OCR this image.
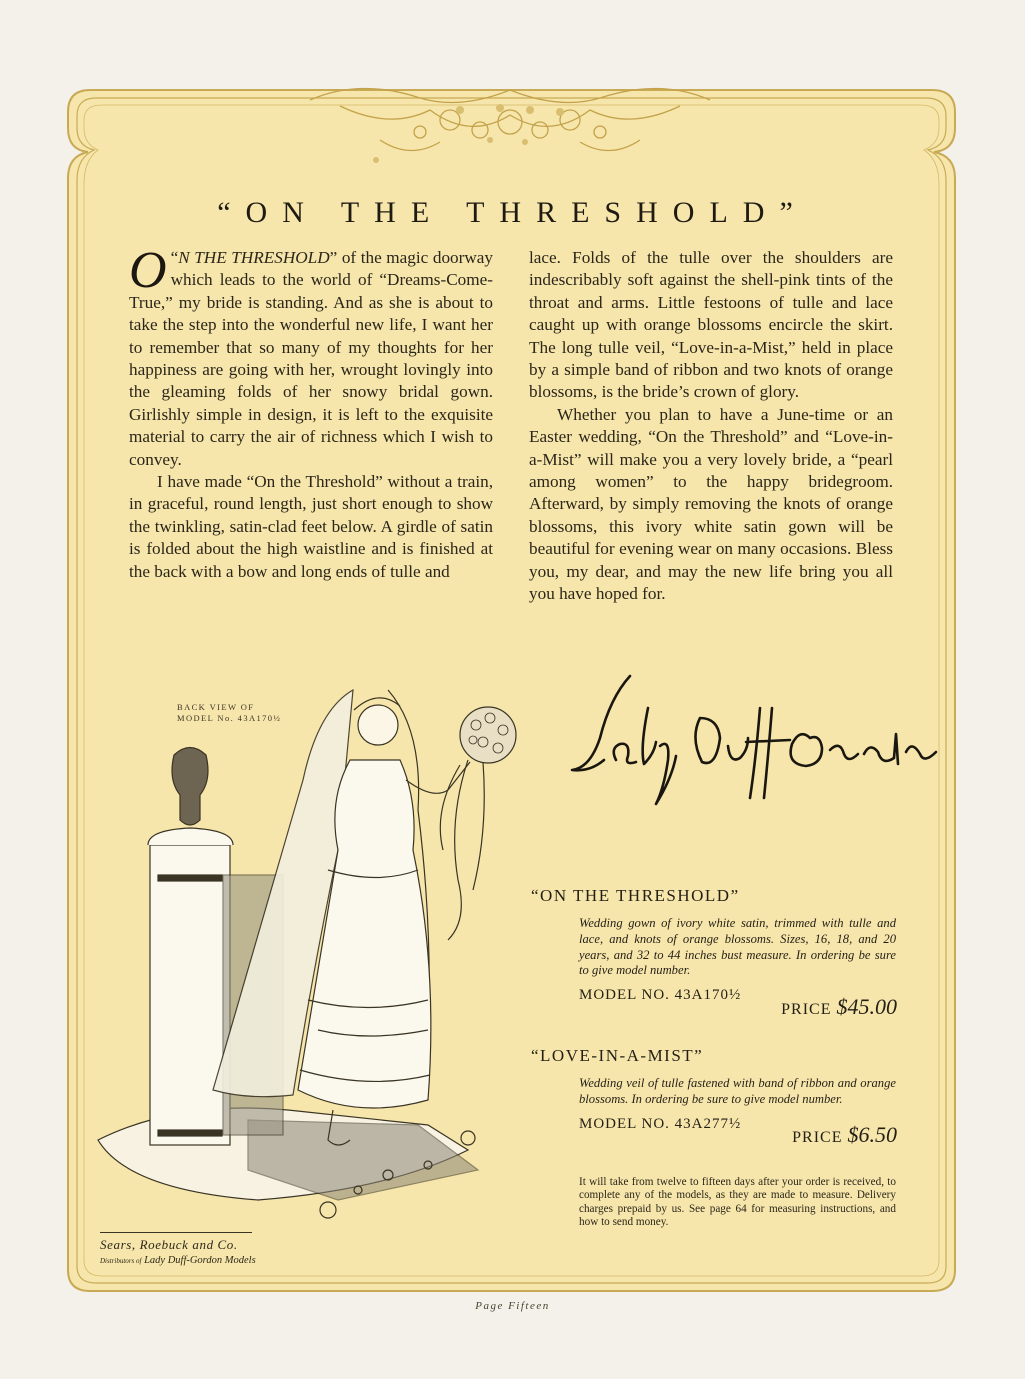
“ON THE THRESHOLD”

“
O N THE THRESHOLD” of the magic doorway which leads to the world of “Dreams-Come-True,” my bride is standing. And as she is about to take the step into the wonderful new life, I want her to remember that so many of my thoughts for her happiness are going with her, wrought lovingly into the gleaming folds of her snowy bridal gown. Girlishly simple in design, it is left to the exquisite material to carry the air of richness which I wish to convey.

I have made “On the Threshold” without a train, in graceful, round length, just short enough to show the twinkling, satin-clad feet below. A girdle of satin is folded about the high waistline and is finished at the back with a bow and long ends of tulle and

lace. Folds of the tulle over the shoulders are indescribably soft against the shell-pink tints of the throat and arms. Little festoons of tulle and lace caught up with orange blossoms encircle the skirt. The long tulle veil, “Love-in-a-Mist,” held in place by a simple band of ribbon and two knots of orange blossoms, is the bride’s crown of glory.

Whether you plan to have a June-time or an Easter wedding, “On the Threshold” and “Love-in-a-Mist” will make you a very lovely bride, a “pearl among women” to the happy bridegroom. Afterward, by simply removing the knots of orange blossoms, this ivory white satin gown will be beautiful for evening wear on many occasions. Bless you, my dear, and may the new life bring you all you have hoped for.

BACK VIEW OF
MODEL No. 43A170½
“ON THE THRESHOLD”
Wedding gown of ivory white satin, trimmed with tulle and lace, and knots of orange blossoms. Sizes, 16, 18, and 20 years, and 32 to 44 inches bust measure. In ordering be sure to give model number.
MODEL NO. 43A170½
PRICE $45.00
“LOVE-IN-A-MIST”
Wedding veil of tulle fastened with band of ribbon and orange blossoms. In ordering be sure to give model number.
MODEL NO. 43A277½
PRICE $6.50
It will take from twelve to fifteen days after your order is received, to complete any of the models, as they are made to measure. Delivery charges prepaid by us. See page 64 for measuring instructions, and how to send money.
Sears, Roebuck and Co.
Distributors of Lady Duff-Gordon Models
Page Fifteen
